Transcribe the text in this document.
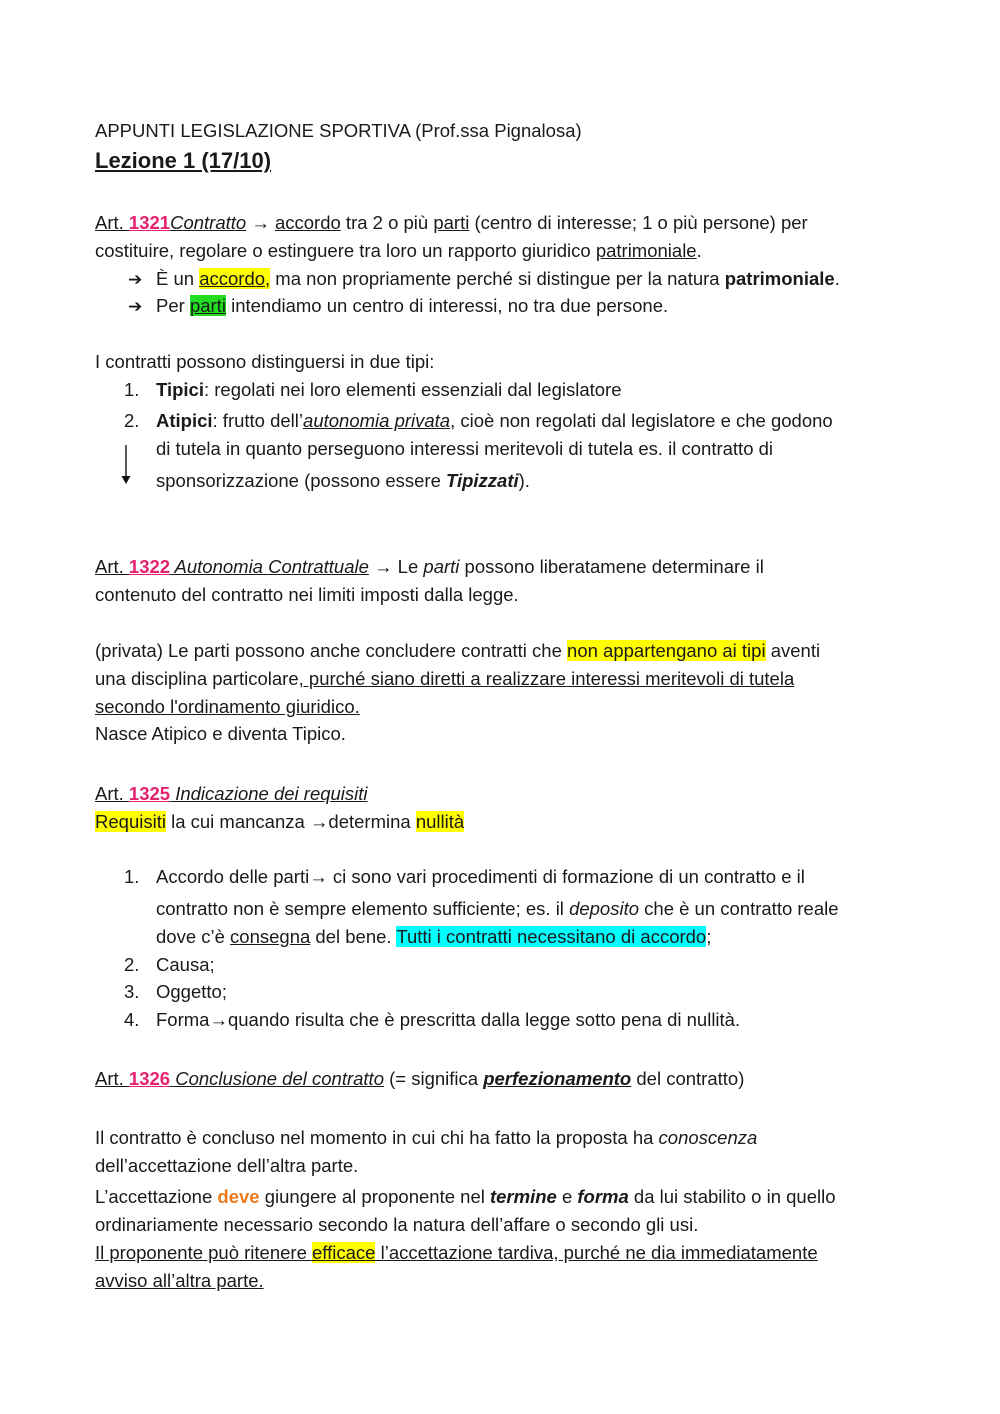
APPUNTI LEGISLAZIONE SPORTIVA (Prof.ssa Pignalosa)
Lezione 1 (17/10)
Art. 1321Contratto → accordo tra 2 o più parti (centro di interesse; 1 o più persone) per
costituire, regolare o estinguere tra loro un rapporto giuridico patrimoniale.
➔ È un accordo, ma non propriamente perché si distingue per la natura patrimoniale.
➔ Per parti intendiamo un centro di interessi, no tra due persone.
I contratti possono distinguersi in due tipi:
1. Tipici: regolati nei loro elementi essenziali dal legislatore
2. Atipici: frutto dell’autonomia privata, cioè non regolati dal legislatore e che godono
di tutela in quanto perseguono interessi meritevoli di tutela es. il contratto di
sponsorizzazione (possono essere Tipizzati).
Art. 1322 Autonomia Contrattuale → Le parti possono liberatamene determinare il
contenuto del contratto nei limiti imposti dalla legge.
(privata) Le parti possono anche concludere contratti che non appartengano ai tipi aventi
una disciplina particolare, purché siano diretti a realizzare interessi meritevoli di tutela
secondo l'ordinamento giuridico.
Nasce Atipico e diventa Tipico.
Art. 1325 Indicazione dei requisiti
Requisiti la cui mancanza →determina nullità
1. Accordo delle parti→ ci sono vari procedimenti di formazione di un contratto e il
contratto non è sempre elemento sufficiente; es. il deposito che è un contratto reale
dove c’è consegna del bene. Tutti i contratti necessitano di accordo;
2. Causa;
3. Oggetto;
4. Forma→quando risulta che è prescritta dalla legge sotto pena di nullità.
Art. 1326 Conclusione del contratto (= significa perfezionamento del contratto)
Il contratto è concluso nel momento in cui chi ha fatto la proposta ha conoscenza
dell’accettazione dell’altra parte.
L’accettazione deve giungere al proponente nel termine e forma da lui stabilito o in quello
ordinariamente necessario secondo la natura dell’affare o secondo gli usi.
Il proponente può ritenere efficace l’accettazione tardiva, purché ne dia immediatamente
avviso all’altra parte.
